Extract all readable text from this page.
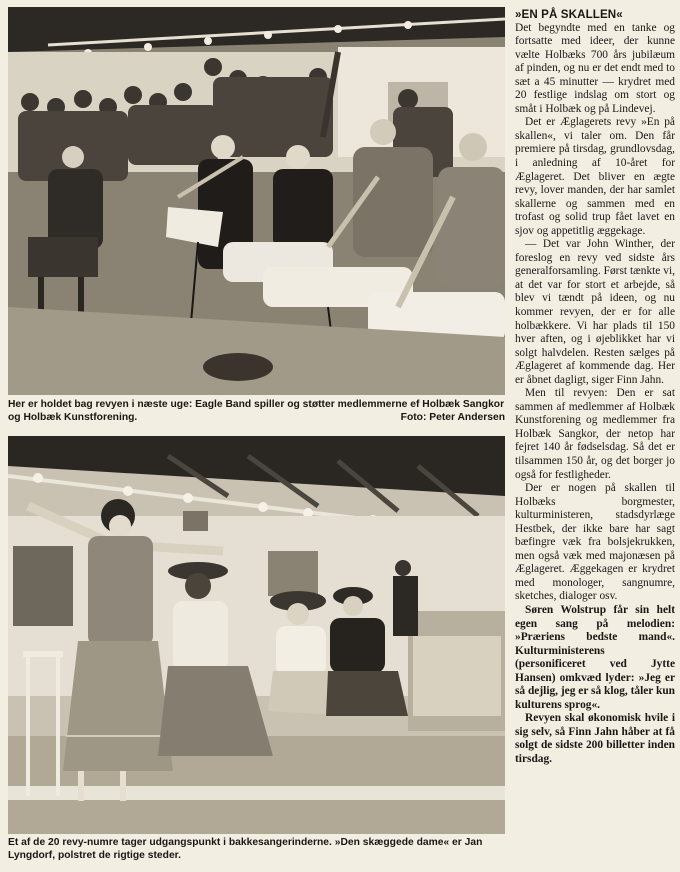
Her er holdet bag revyen i næste uge: Eagle Band spiller og støtter medlemmerne ef Holbæk Sangkor og Holbæk Kunstforening.	Foto: Peter Andersen

Et af de 20 revy-numre tager udgangspunkt i bakkesangerinderne. »Den skæggede dame« er Jan Lyngdorf, polstret de rigtige steder.

»EN PÅ SKALLEN«

Det begyndte med en tanke og fortsatte med ideer, der kunne vælte Holbæks 700 års jubilæum af pinden, og nu er det endt med to sæt a 45 minutter — krydret med 20 festlige indslag om stort og småt i Holbæk og på Lindevej.

Det er Æglagerets revy »En på skallen«, vi taler om. Den får premiere på tirsdag, grundlovsdag, i anledning af 10-året for Æglageret. Det bliver en ægte revy, lover manden, der har samlet skallerne og sammen med en trofast og solid trup fået lavet en sjov og appetitlig æggekage.

— Det var John Winther, der foreslog en revy ved sidste års generalforsamling. Først tænkte vi, at det var for stort et arbejde, så blev vi tændt på ideen, og nu kommer revyen, der er for alle holbækkere. Vi har plads til 150 hver aften, og i øjeblikket har vi solgt halvdelen. Resten sælges på Æglageret af kommende dag. Her er åbnet dagligt, siger Finn Jahn.

Men til revyen: Den er sat sammen af medlemmer af Holbæk Kunstforening og medlemmer fra Holbæk Sangkor, der netop har fejret 140 år fødselsdag. Så det er tilsammen 150 år, og det borger jo også for festligheder.

Der er nogen på skallen til Holbæks borgmester, kulturministeren, stadsdyrlæge Hestbek, der ikke bare har sagt bæfingre væk fra bolsjekrukken, men også væk med majonæsen på Æglageret. Æggekagen er krydret med monologer, sangnumre, sketches, dialoger osv.

Søren Wolstrup får sin helt egen sang på melodien: »Præriens bedste mand«. Kulturministerens (personificeret ved Jytte Hansen) omkvæd lyder: »Jeg er så dejlig, jeg er så klog, tåler kun kulturens sprog«.

Revyen skal økonomisk hvile i sig selv, så Finn Jahn håber at få solgt de sidste 200 billetter inden tirsdag.
